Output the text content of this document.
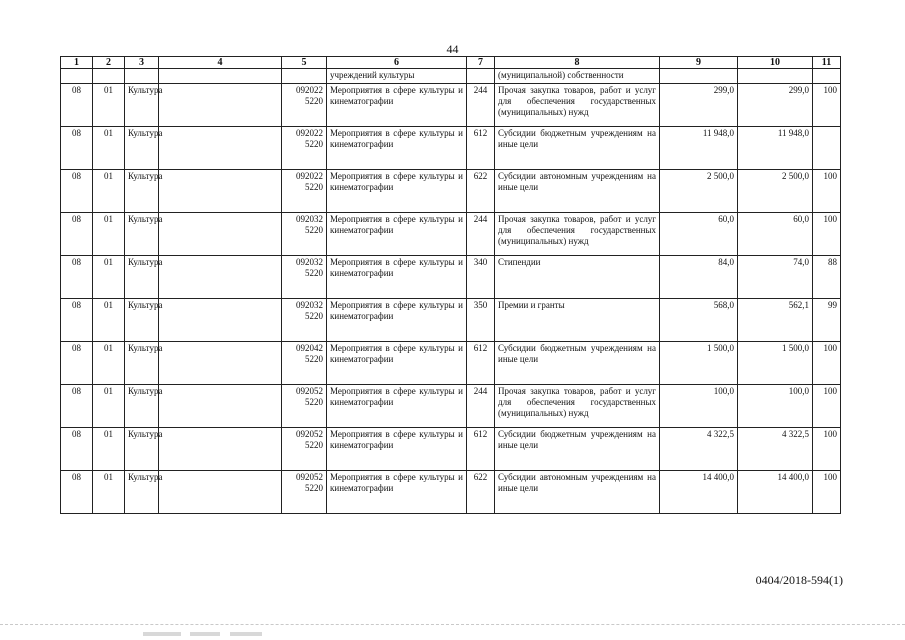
44
1	2	3	4	5	6	7	8	9	10	11
					учреждений культуры		(муниципальной) собственности			
08	01	Культура		092022 5220	Мероприятия в сфере культуры и кинематографии	244	Прочая закупка товаров, работ и услуг для обеспечения государственных (муниципальных) нужд	299,0	299,0	100
08	01	Культура		092022 5220	Мероприятия в сфере культуры и кинематографии	612	Субсидии бюджетным учреждениям на иные цели	11 948,0	11 948,0	
08	01	Культура		092022 5220	Мероприятия в сфере культуры и кинематографии	622	Субсидии автономным учреждениям на иные цели	2 500,0	2 500,0	100
08	01	Культура		092032 5220	Мероприятия в сфере культуры и кинематографии	244	Прочая закупка товаров, работ и услуг для обеспечения государственных (муниципальных) нужд	60,0	60,0	100
08	01	Культура		092032 5220	Мероприятия в сфере культуры и кинематографии	340	Стипендии	84,0	74,0	88
08	01	Культура		092032 5220	Мероприятия в сфере культуры и кинематографии	350	Премии и гранты	568,0	562,1	99
08	01	Культура		092042 5220	Мероприятия в сфере культуры и кинематографии	612	Субсидии бюджетным учреждениям на иные цели	1 500,0	1 500,0	100
08	01	Культура		092052 5220	Мероприятия в сфере культуры и кинематографии	244	Прочая закупка товаров, работ и услуг для обеспечения государственных (муниципальных) нужд	100,0	100,0	100
08	01	Культура		092052 5220	Мероприятия в сфере культуры и кинематографии	612	Субсидии бюджетным учреждениям на иные цели	4 322,5	4 322,5	100
08	01	Культура		092052 5220	Мероприятия в сфере культуры и кинематографии	622	Субсидии автономным учреждениям на иные цели	14 400,0	14 400,0	100
0404/2018-594(1)
